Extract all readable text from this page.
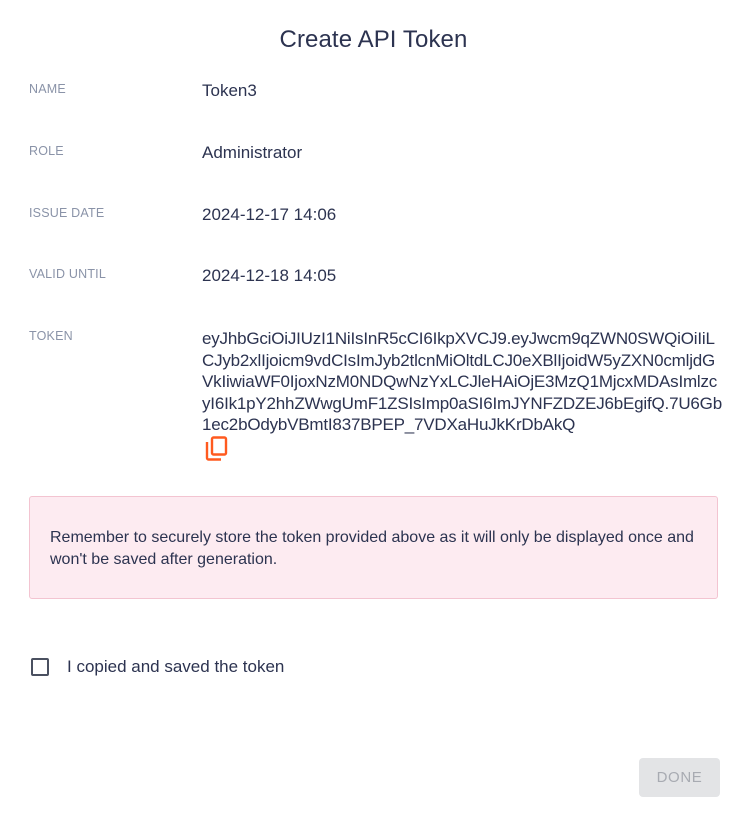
Create API Token
NAME	Token3
ROLE	Administrator
ISSUE DATE	2024-12-17 14:06
VALID UNTIL	2024-12-18 14:05
TOKEN	eyJhbGciOiJIUzI1NiIsInR5cCI6IkpXVCJ9.eyJwcm9qZWN0SWQiOiIiLCJyb2xlIjoicm9vdCIsImJyb2tlcnMiOltdLCJ0eXBlIjoidW5yZXN0cmljdGVkIiwiaWF0IjoxNzM0NDQwNzYxLCJleHAiOjE3MzQ1MjcxMDAsImlzcyI6Ik1pY2hhZWwgUmF1ZSIsImp0aSI6ImJYNFZDZEJ6bEgifQ.7U6Gb1ec2bOdybVBmtI837BPEP_7VDXaHuJkKrDbAkQ
Remember to securely store the token provided above as it will only be displayed once and won't be saved after generation.
I copied and saved the token
DONE
